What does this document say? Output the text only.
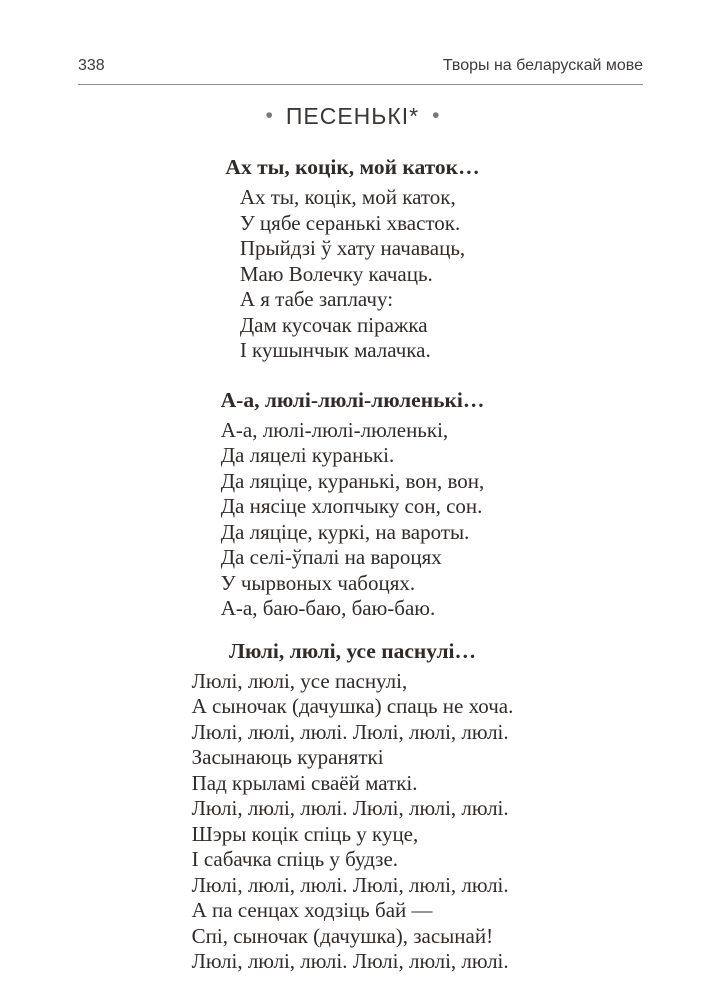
338	Творы на беларускай мове
• ПЕСЕНЬКІ* •
Ах ты, коцік, мой каток…
Ах ты, коцік, мой каток,
У цябе серанькі хвасток.
Прыйдзі ў хату начаваць,
Маю Волечку качаць.
А я табе заплачу:
Дам кусочак піражка
І кушынчык малачка.
А-а, люлі-люлі-люленькі…
А-а, люлі-люлі-люленькі,
Да ляцелі куранькі.
Да ляціце, куранькі, вон, вон,
Да нясіце хлопчыку сон, сон.
Да ляціце, куркі, на вароты.
Да селі-ўпалі на вароцях
У чырвоных чабоцях.
А-а, баю-баю, баю-баю.
Люлі, люлі, усе паснулі…
Люлі, люлі, усе паснулі,
А сыночак (дачушка) спаць не хоча.
Люлі, люлі, люлі. Люлі, люлі, люлі.
Засынаюць кураняткі
Пад крыламі сваёй маткі.
Люлі, люлі, люлі. Люлі, люлі, люлі.
Шэры коцік спіць у куце,
І сабачка спіць у будзе.
Люлі, люлі, люлі. Люлі, люлі, люлі.
А па сенцах ходзіць бай —
Спі, сыночак (дачушка), засынай!
Люлі, люлі, люлі. Люлі, люлі, люлі.
